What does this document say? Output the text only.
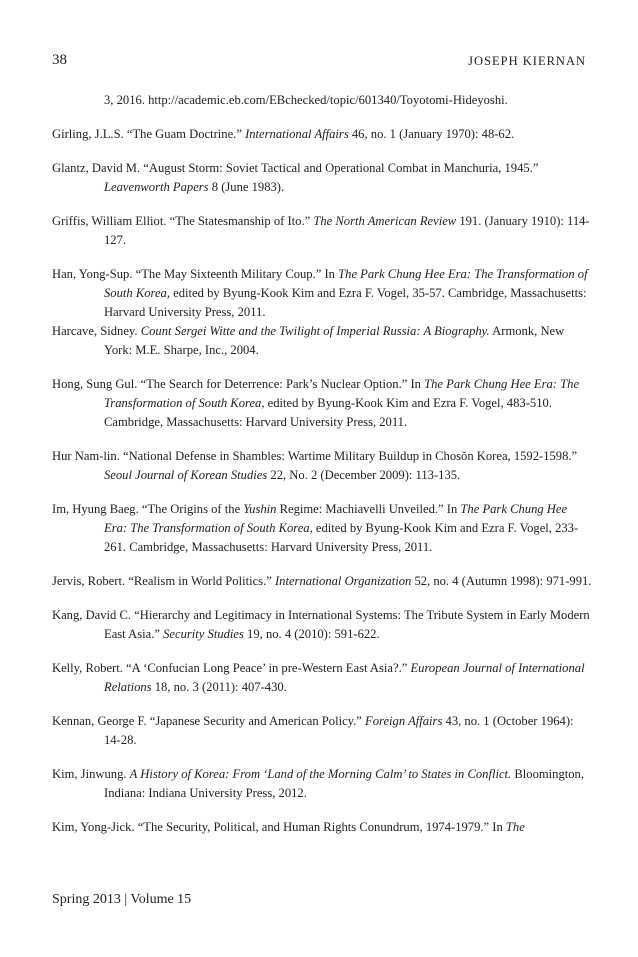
38	JOSEPH KIERNAN

3, 2016. http://academic.eb.com/EBchecked/topic/601340/Toyotomi-Hideyoshi.

Girling, J.L.S. “The Guam Doctrine.” International Affairs 46, no. 1 (January 1970): 48-62.

Glantz, David M. “August Storm: Soviet Tactical and Operational Combat in Manchuria, 1945.” Leavenworth Papers 8 (June 1983).

Griffis, William Elliot. “The Statesmanship of Ito.” The North American Review 191. (January 1910): 114-127.

Han, Yong-Sup. “The May Sixteenth Military Coup.” In The Park Chung Hee Era: The Transformation of South Korea, edited by Byung-Kook Kim and Ezra F. Vogel, 35-57. Cambridge, Massachusetts: Harvard University Press, 2011.

Harcave, Sidney. Count Sergei Witte and the Twilight of Imperial Russia: A Biography. Armonk, New York: M.E. Sharpe, Inc., 2004.

Hong, Sung Gul. “The Search for Deterrence: Park’s Nuclear Option.” In The Park Chung Hee Era: The Transformation of South Korea, edited by Byung-Kook Kim and Ezra F. Vogel, 483-510. Cambridge, Massachusetts: Harvard University Press, 2011.

Hur Nam-lin. “National Defense in Shambles: Wartime Military Buildup in Chosŏn Korea, 1592-1598.” Seoul Journal of Korean Studies 22, No. 2 (December 2009): 113-135.

Im, Hyung Baeg. “The Origins of the Yushin Regime: Machiavelli Unveiled.” In The Park Chung Hee Era: The Transformation of South Korea, edited by Byung-Kook Kim and Ezra F. Vogel, 233-261. Cambridge, Massachusetts: Harvard University Press, 2011.

Jervis, Robert. “Realism in World Politics.” International Organization 52, no. 4 (Autumn 1998): 971-991.

Kang, David C. “Hierarchy and Legitimacy in International Systems: The Tribute System in Early Modern East Asia.” Security Studies 19, no. 4 (2010): 591-622.

Kelly, Robert. “A ‘Confucian Long Peace’ in pre-Western East Asia?.” European Journal of International Relations 18, no. 3 (2011): 407-430.

Kennan, George F. “Japanese Security and American Policy.” Foreign Affairs 43, no. 1 (October 1964): 14-28.

Kim, Jinwung. A History of Korea: From ‘Land of the Morning Calm’ to States in Conflict. Bloomington, Indiana: Indiana University Press, 2012.

Kim, Yong-Jick. “The Security, Political, and Human Rights Conundrum, 1974-1979.” In The

Spring 2013 | Volume 15
